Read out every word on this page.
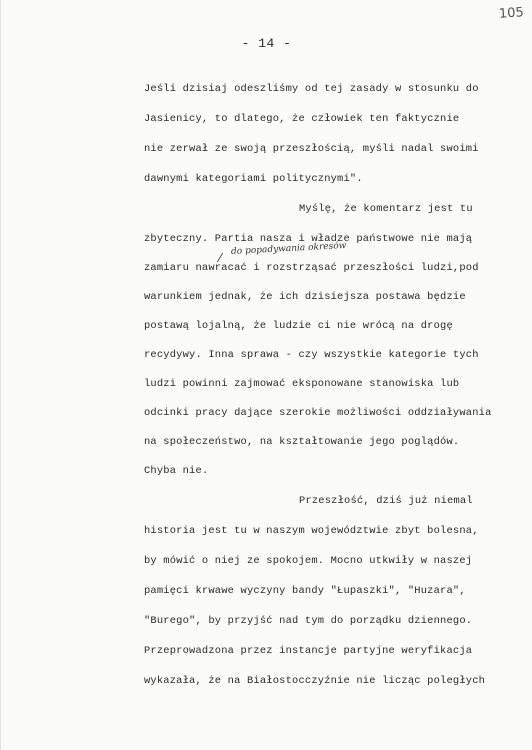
105
- 14 -
do popadywania okresów
⁄
Jeśli dzisiaj odeszliśmy od tej zasady w stosunku do
Jasienicy, to dlatego, że człowiek ten faktycznie
nie zerwał ze swoją przeszłością, myśli nadal swoimi
dawnymi kategoriami politycznymi".
Myślę, że komentarz jest tu
zbyteczny. Partia nasza i władze państwowe nie mają
zamiaru nawracać i rozstrząsać przeszłości ludzi,pod
warunkiem jednak, że ich dzisiejsza postawa będzie
postawą lojalną, że ludzie ci nie wrócą na drogę
recydywy. Inna sprawa - czy wszystkie kategorie tych
ludzi powinni zajmować eksponowane stanowiska lub
odcinki pracy dające szerokie możliwości oddziaływania
na społeczeństwo, na kształtowanie jego poglądów.
Chyba nie.
Przeszłość, dziś już niemal
historia jest tu w naszym województwie zbyt bolesna,
by mówić o niej ze spokojem. Mocno utkwiły w naszej
pamięci krwawe wyczyny bandy "Łupaszki", "Huzara",
"Burego", by przyjść nad tym do porządku dziennego.
Przeprowadzona przez instancje partyjne weryfikacja
wykazała, że na Białostocczyźnie nie licząc poległych
